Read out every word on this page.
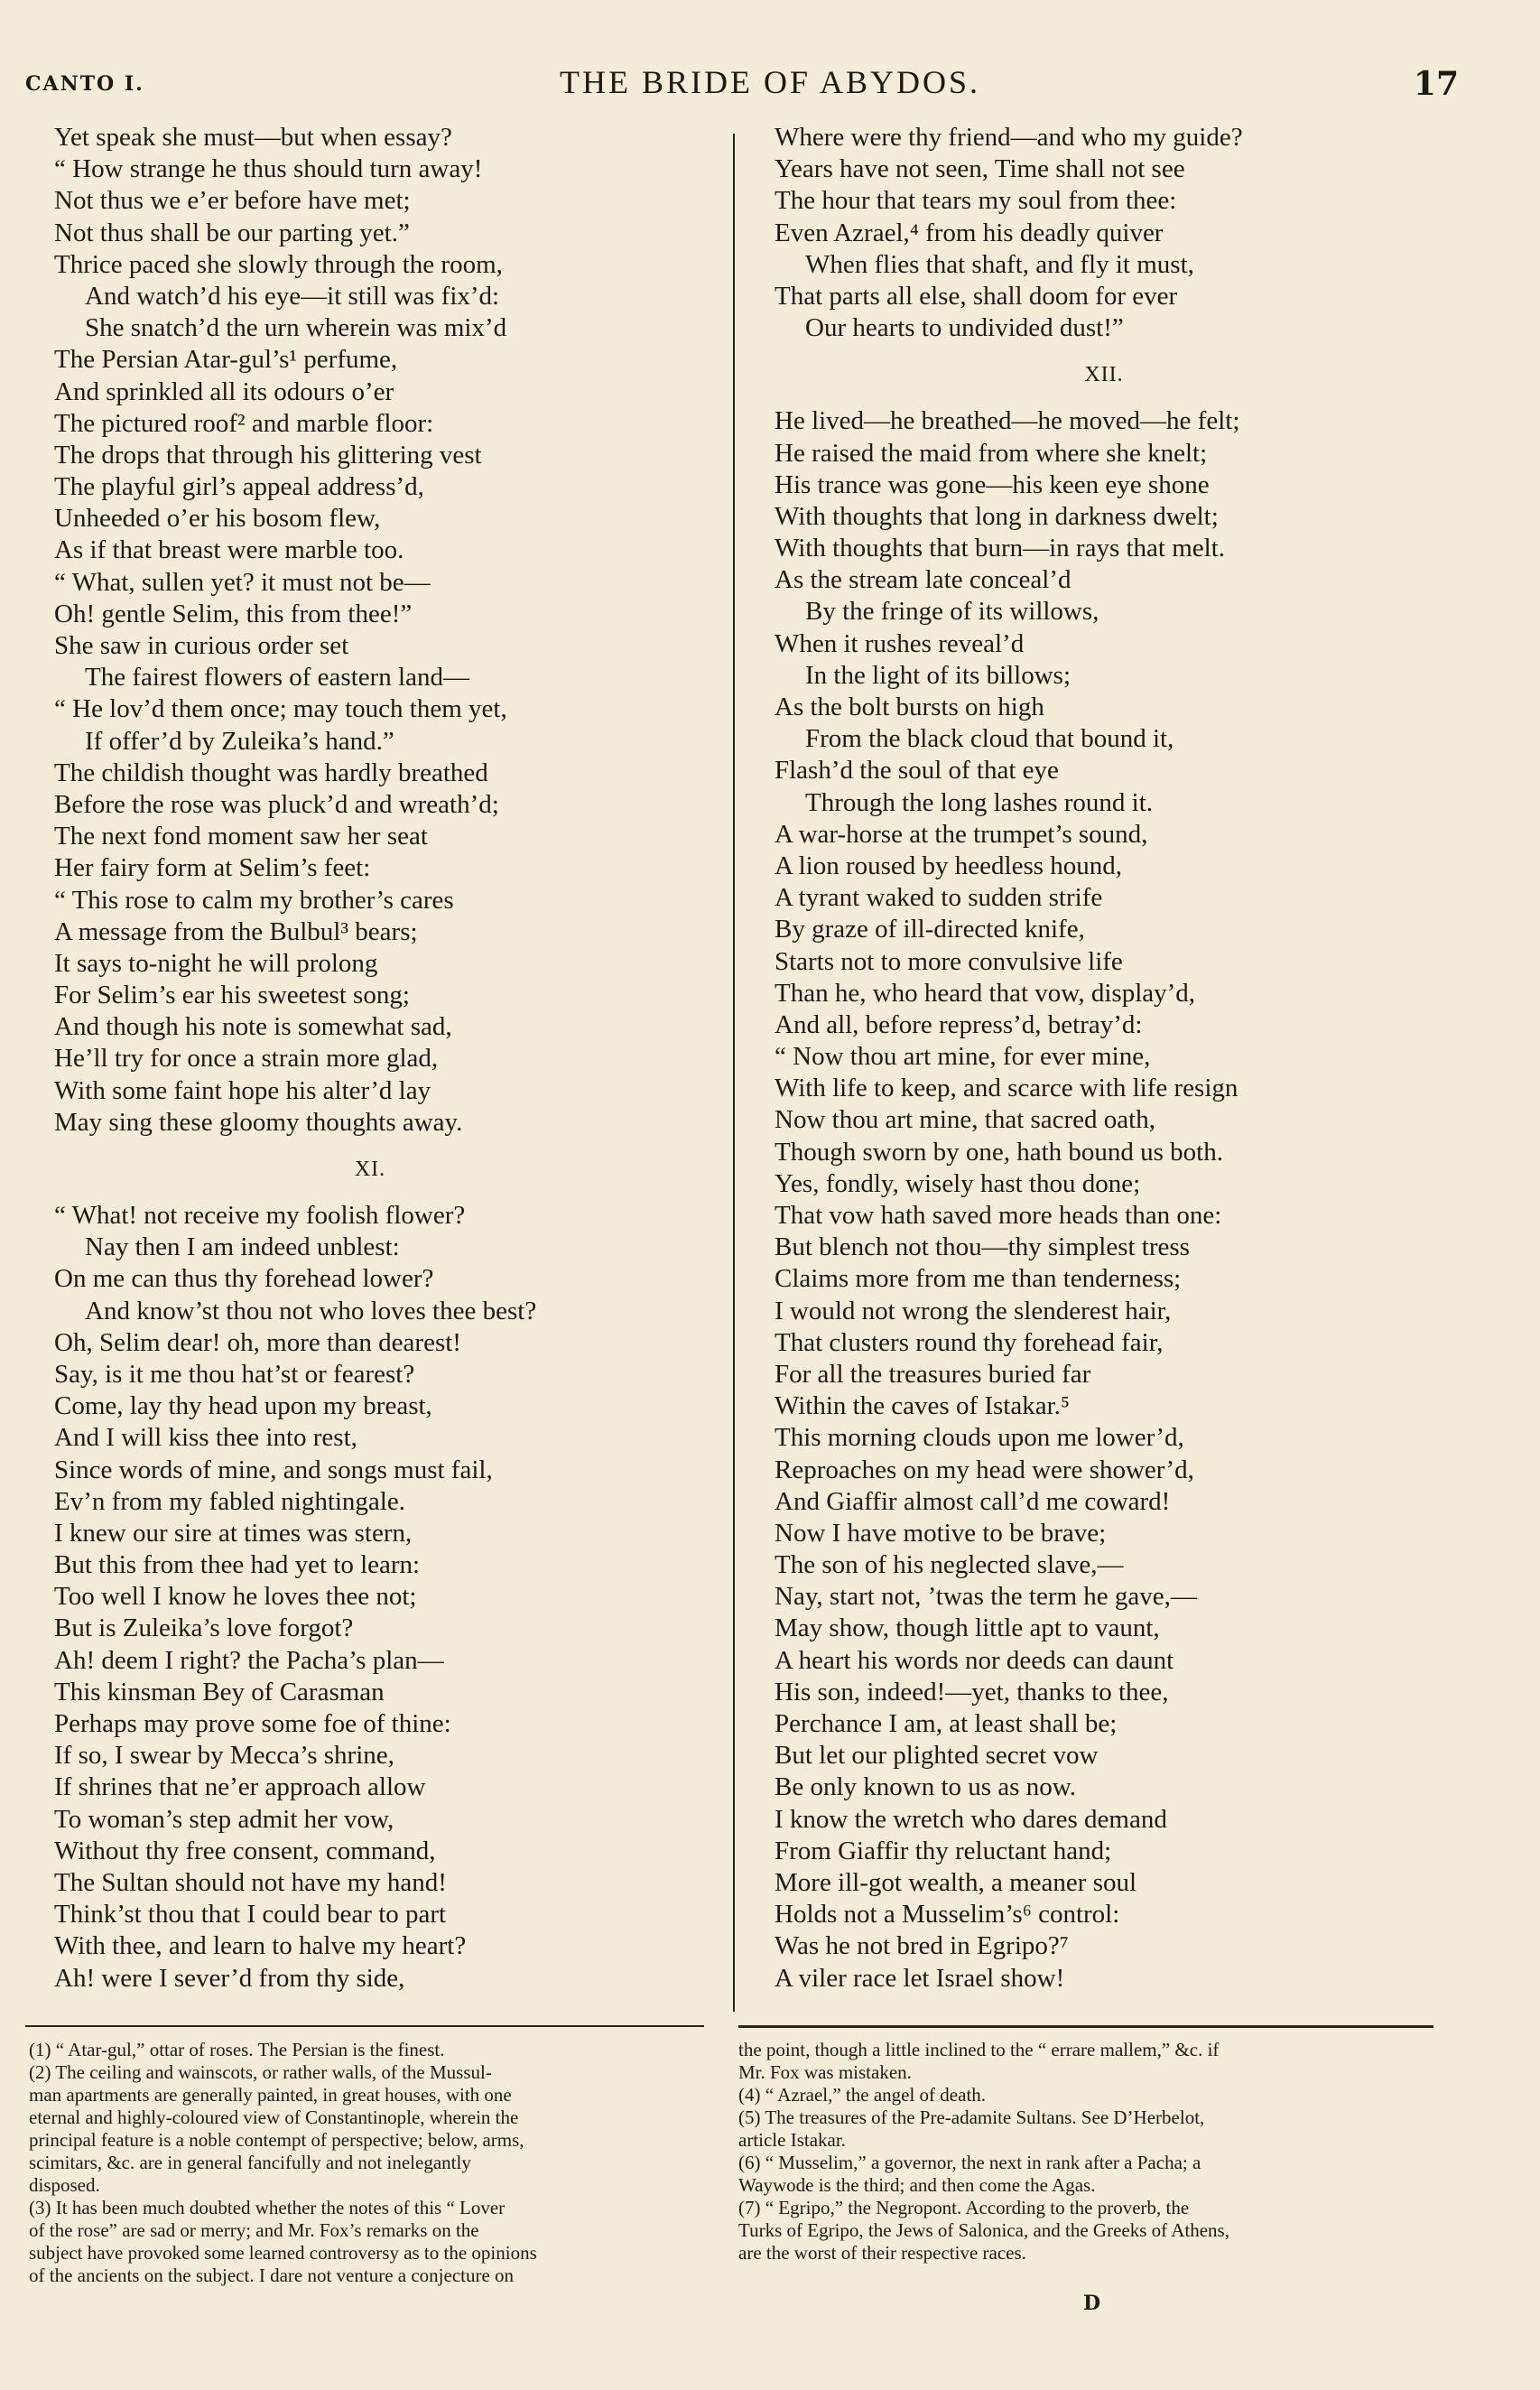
CANTO I.	THE BRIDE OF ABYDOS.	17
Yet speak she must—but when essay?
“ How strange he thus should turn away!
Not thus we e’er before have met;
Not thus shall be our parting yet.”
Thrice paced she slowly through the room,
And watch’d his eye—it still was fix’d:
She snatch’d the urn wherein was mix’d
The Persian Atar-gul’s¹ perfume,
And sprinkled all its odours o’er
The pictured roof² and marble floor:
The drops that through his glittering vest
The playful girl’s appeal address’d,
Unheeded o’er his bosom flew,
As if that breast were marble too.
“ What, sullen yet? it must not be—
Oh! gentle Selim, this from thee!”
She saw in curious order set
The fairest flowers of eastern land—
“ He lov’d them once; may touch them yet,
If offer’d by Zuleika’s hand.”
The childish thought was hardly breathed
Before the rose was pluck’d and wreath’d;
The next fond moment saw her seat
Her fairy form at Selim’s feet:
“ This rose to calm my brother’s cares
A message from the Bulbul³ bears;
It says to-night he will prolong
For Selim’s ear his sweetest song;
And though his note is somewhat sad,
He’ll try for once a strain more glad,
With some faint hope his alter’d lay
May sing these gloomy thoughts away.
XI.
“ What! not receive my foolish flower?
Nay then I am indeed unblest:
On me can thus thy forehead lower?
And know’st thou not who loves thee best?
Oh, Selim dear! oh, more than dearest!
Say, is it me thou hat’st or fearest?
Come, lay thy head upon my breast,
And I will kiss thee into rest,
Since words of mine, and songs must fail,
Ev’n from my fabled nightingale.
I knew our sire at times was stern,
But this from thee had yet to learn:
Too well I know he loves thee not;
But is Zuleika’s love forgot?
Ah! deem I right? the Pacha’s plan—
This kinsman Bey of Carasman
Perhaps may prove some foe of thine:
If so, I swear by Mecca’s shrine,
If shrines that ne’er approach allow
To woman’s step admit her vow,
Without thy free consent, command,
The Sultan should not have my hand!
Think’st thou that I could bear to part
With thee, and learn to halve my heart?
Ah! were I sever’d from thy side,
Where were thy friend—and who my guide?
Years have not seen, Time shall not see
The hour that tears my soul from thee:
Even Azrael,⁴ from his deadly quiver
When flies that shaft, and fly it must,
That parts all else, shall doom for ever
Our hearts to undivided dust!”
XII.
He lived—he breathed—he moved—he felt;
He raised the maid from where she knelt;
His trance was gone—his keen eye shone
With thoughts that long in darkness dwelt;
With thoughts that burn—in rays that melt.
As the stream late conceal’d
By the fringe of its willows,
When it rushes reveal’d
In the light of its billows;
As the bolt bursts on high
From the black cloud that bound it,
Flash’d the soul of that eye
Through the long lashes round it.
A war-horse at the trumpet’s sound,
A lion roused by heedless hound,
A tyrant waked to sudden strife
By graze of ill-directed knife,
Starts not to more convulsive life
Than he, who heard that vow, display’d,
And all, before repress’d, betray’d:
“ Now thou art mine, for ever mine,
With life to keep, and scarce with life resign
Now thou art mine, that sacred oath,
Though sworn by one, hath bound us both.
Yes, fondly, wisely hast thou done;
That vow hath saved more heads than one:
But blench not thou—thy simplest tress
Claims more from me than tenderness;
I would not wrong the slenderest hair,
That clusters round thy forehead fair,
For all the treasures buried far
Within the caves of Istakar.⁵
This morning clouds upon me lower’d,
Reproaches on my head were shower’d,
And Giaffir almost call’d me coward!
Now I have motive to be brave;
The son of his neglected slave,—
Nay, start not, ’twas the term he gave,—
May show, though little apt to vaunt,
A heart his words nor deeds can daunt
His son, indeed!—yet, thanks to thee,
Perchance I am, at least shall be;
But let our plighted secret vow
Be only known to us as now.
I know the wretch who dares demand
From Giaffir thy reluctant hand;
More ill-got wealth, a meaner soul
Holds not a Musselim’s⁶ control:
Was he not bred in Egripo?⁷
A viler race let Israel show!
(1) “ Atar-gul,” ottar of roses. The Persian is the finest.
(2) The ceiling and wainscots, or rather walls, of the Mussul-
man apartments are generally painted, in great houses, with one
eternal and highly-coloured view of Constantinople, wherein the
principal feature is a noble contempt of perspective; below, arms,
scimitars, &c. are in general fancifully and not inelegantly
disposed.
(3) It has been much doubted whether the notes of this “ Lover
of the rose” are sad or merry; and Mr. Fox’s remarks on the
subject have provoked some learned controversy as to the opinions
of the ancients on the subject. I dare not venture a conjecture on
the point, though a little inclined to the “ errare mallem,” &c. if
Mr. Fox was mistaken.
(4) “ Azrael,” the angel of death.
(5) The treasures of the Pre-adamite Sultans. See D’Herbelot,
article Istakar.
(6) “ Musselim,” a governor, the next in rank after a Pacha; a
Waywode is the third; and then come the Agas.
(7) “ Egripo,” the Negropont. According to the proverb, the
Turks of Egripo, the Jews of Salonica, and the Greeks of Athens,
are the worst of their respective races.
D
